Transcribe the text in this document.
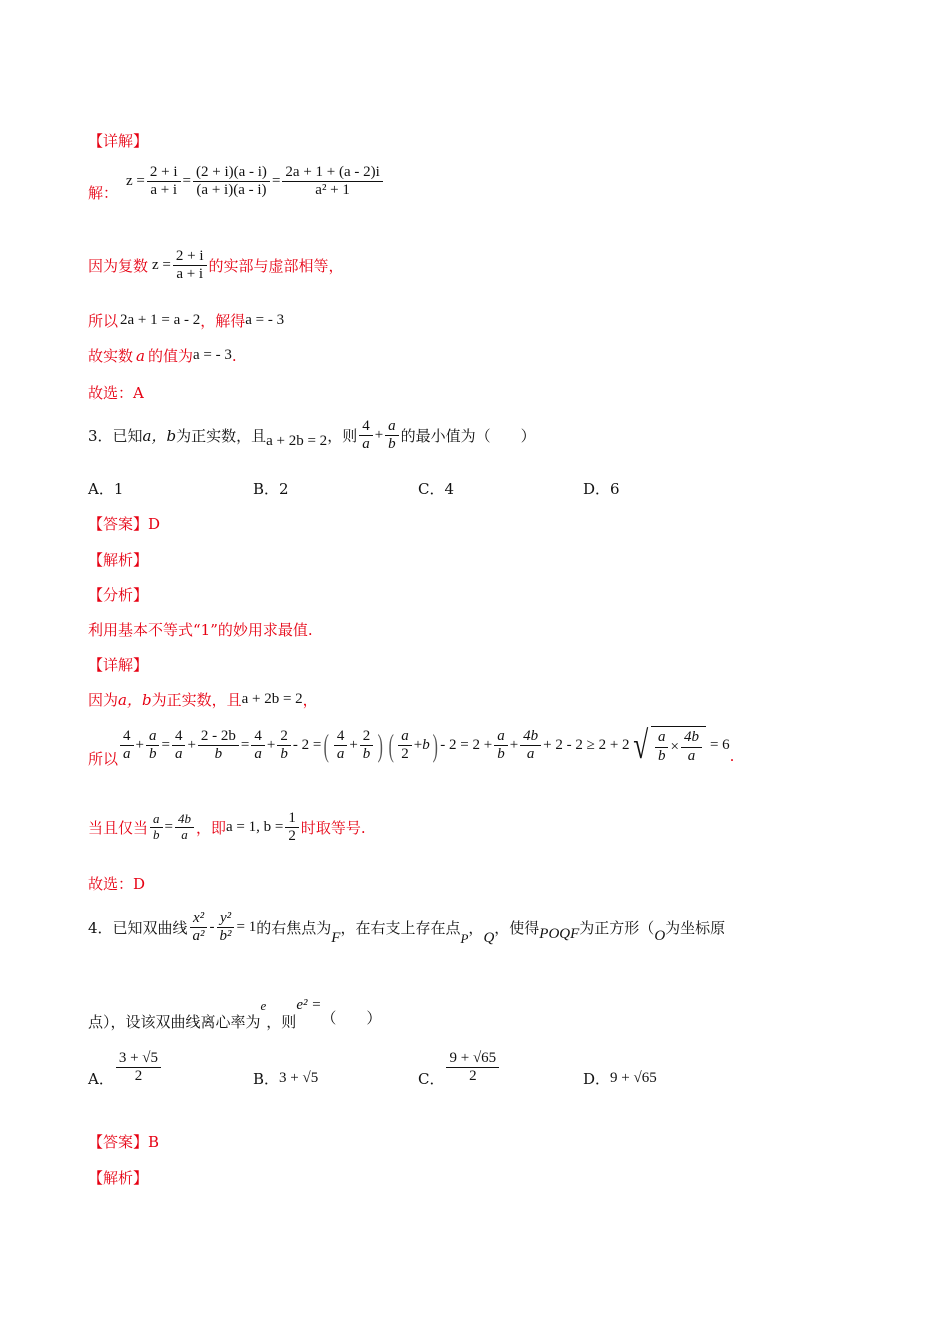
【详解】
解：
$z = \frac{2 + i}{a + i} = \frac{(2 + i)(a - i)}{(a + i)(a - i)} = \frac{2a + 1 + (a - 2)i}{\text{a² + 1}}$
因为复数 $z = \frac{2 + i}{a + i}$ 的实部与虚部相等，
所以 2a + 1 = a - 2 ，解得 a = - 3
故实数 a 的值为 a = - 3 .
故选：A
3．已知 a，b 为正实数，且 a + 2b = 2 ，则 $\frac{4}{a} + \frac{a}{b}$ 的最小值为（　　）
A． 1	B． 2	C． 4	D． 6
【答案】D
【解析】
【分析】
利用基本不等式“1”的妙用求最值.
【详解】
因为 a，b 为正实数，且 a + 2b = 2 ，
所以 $\frac{4}{a} + \frac{a}{b} = \frac{4}{a} + \frac{2 - 2b}{b} = \frac{4}{a} + \frac{2}{b} - 2$ = ( $\frac{4}{a} + \frac{2}{b}$ ) ( $\frac{a}{2} + b$ ) - $2 = 2 + \frac{a}{b} + \frac{4b}{a} + 2 - 2 \ge 2 + 2$ √ $\frac{a}{b} \times \frac{4b}{a} = 6$
.
当且仅当 $\frac{a}{b} = \frac{4b}{a}$ ，即 a = 1, $b = \frac{1}{2}$ 时取等号.
故选：D
4．已知双曲线 $\frac{\text{x²}}{\text{a²}} - \frac{\text{y²}}{\text{b²}} = 1$ 的右焦点为
F
，在右支上存在点
P
，
Q
，使得 POQF 为正方形（ O 为坐标原
点），设该双曲线离心率为
e
，则
e² =
（　　）
A． $\frac{3 + √5}{2}$	B． 3 + √5	C． $\frac{9 + √65}{2}$	D． 9 + √65
【答案】B
【解析】
